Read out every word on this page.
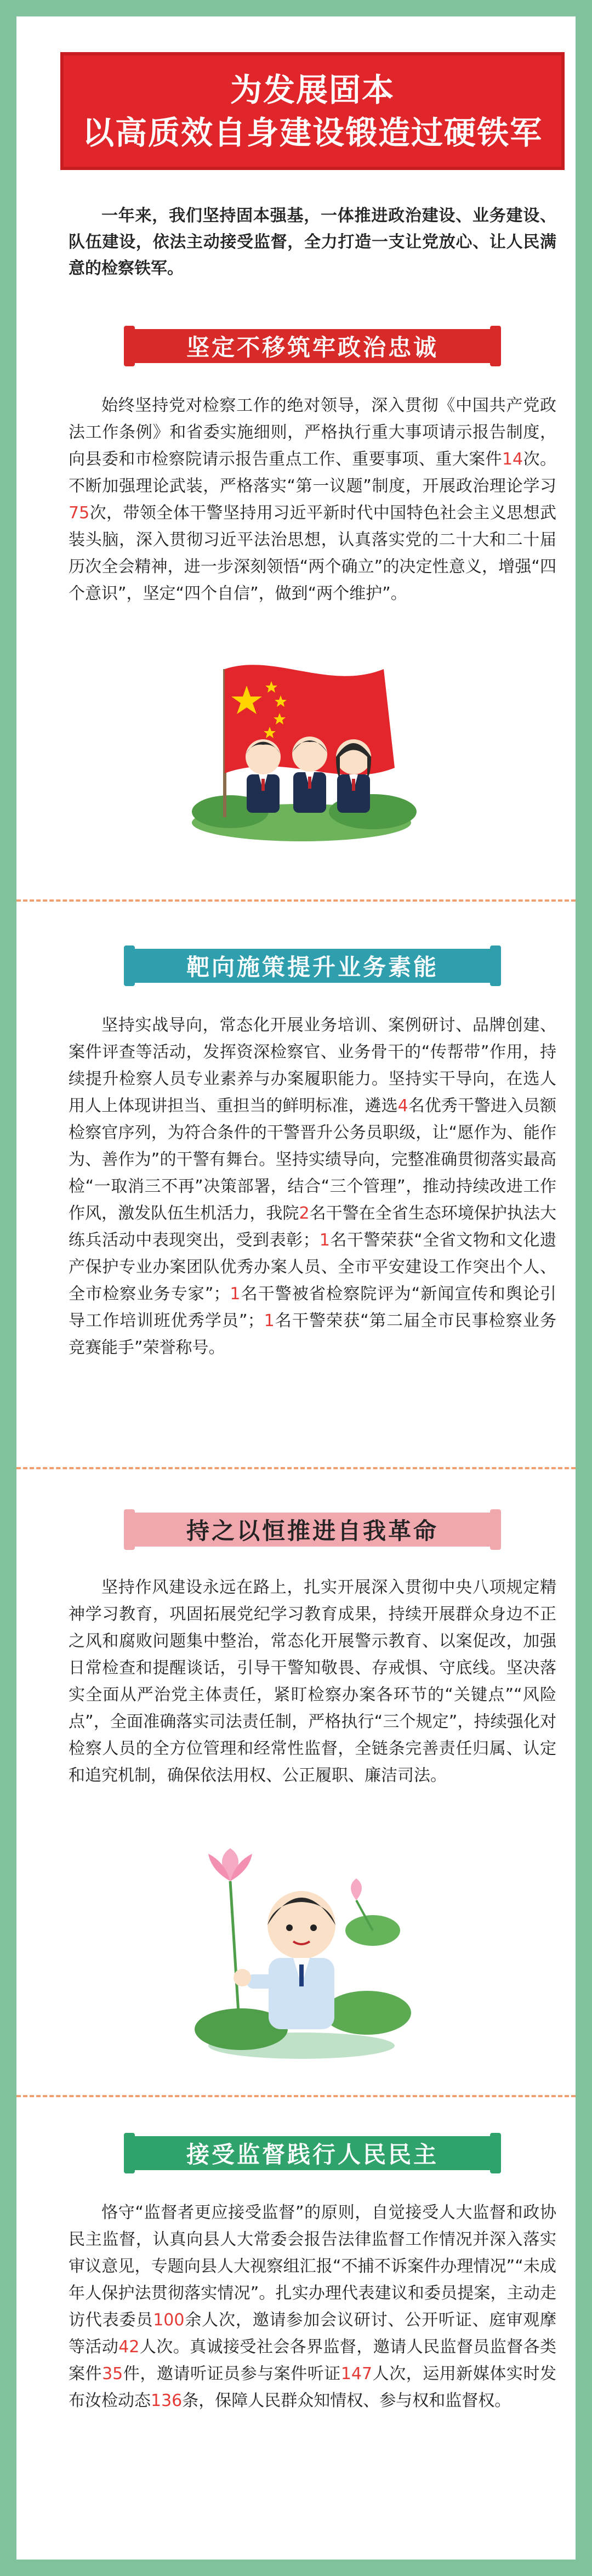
为发展固本
以高质效自身建设锻造过硬铁军
一年来，我们坚持固本强基，一体推进政治建设、业务建设、队伍建设，依法主动接受监督，全力打造一支让党放心、让人民满意的检察铁军。
坚定不移筑牢政治忠诚
始终坚持党对检察工作的绝对领导，深入贯彻《中国共产党政法工作条例》和省委实施细则，严格执行重大事项请示报告制度，向县委和市检察院请示报告重点工作、重要事项、重大案件14次。不断加强理论武装，严格落实“第一议题”制度，开展政治理论学习75次，带领全体干警坚持用习近平新时代中国特色社会主义思想武装头脑，深入贯彻习近平法治思想，认真落实党的二十大和二十届历次全会精神，进一步深刻领悟“两个确立”的决定性意义，增强“四个意识”，坚定“四个自信”，做到“两个维护”。
靶向施策提升业务素能
坚持实战导向，常态化开展业务培训、案例研讨、品牌创建、案件评查等活动，发挥资深检察官、业务骨干的“传帮带”作用，持续提升检察人员专业素养与办案履职能力。坚持实干导向，在选人用人上体现讲担当、重担当的鲜明标准，遴选4名优秀干警进入员额检察官序列，为符合条件的干警晋升公务员职级，让“愿作为、能作为、善作为”的干警有舞台。坚持实绩导向，完整准确贯彻落实最高检“一取消三不再”决策部署，结合“三个管理”，推动持续改进工作作风，激发队伍生机活力，我院2名干警在全省生态环境保护执法大练兵活动中表现突出，受到表彰；1名干警荣获“全省文物和文化遗产保护专业办案团队优秀办案人员、全市平安建设工作突出个人、全市检察业务专家”；1名干警被省检察院评为“新闻宣传和舆论引导工作培训班优秀学员”；1名干警荣获“第二届全市民事检察业务竞赛能手”荣誉称号。
持之以恒推进自我革命
坚持作风建设永远在路上，扎实开展深入贯彻中央八项规定精神学习教育，巩固拓展党纪学习教育成果，持续开展群众身边不正之风和腐败问题集中整治，常态化开展警示教育、以案促改，加强日常检查和提醒谈话，引导干警知敬畏、存戒惧、守底线。坚决落实全面从严治党主体责任，紧盯检察办案各环节的“关键点”“风险点”，全面准确落实司法责任制，严格执行“三个规定”，持续强化对检察人员的全方位管理和经常性监督，全链条完善责任归属、认定和追究机制，确保依法用权、公正履职、廉洁司法。
接受监督践行人民民主
恪守“监督者更应接受监督”的原则，自觉接受人大监督和政协民主监督，认真向县人大常委会报告法律监督工作情况并深入落实审议意见，专题向县人大视察组汇报“不捕不诉案件办理情况”“未成年人保护法贯彻落实情况”。扎实办理代表建议和委员提案，主动走访代表委员100余人次，邀请参加会议研讨、公开听证、庭审观摩等活动42人次。真诚接受社会各界监督，邀请人民监督员监督各类案件35件，邀请听证员参与案件听证147人次，运用新媒体实时发布汝检动态136条，保障人民群众知情权、参与权和监督权。
